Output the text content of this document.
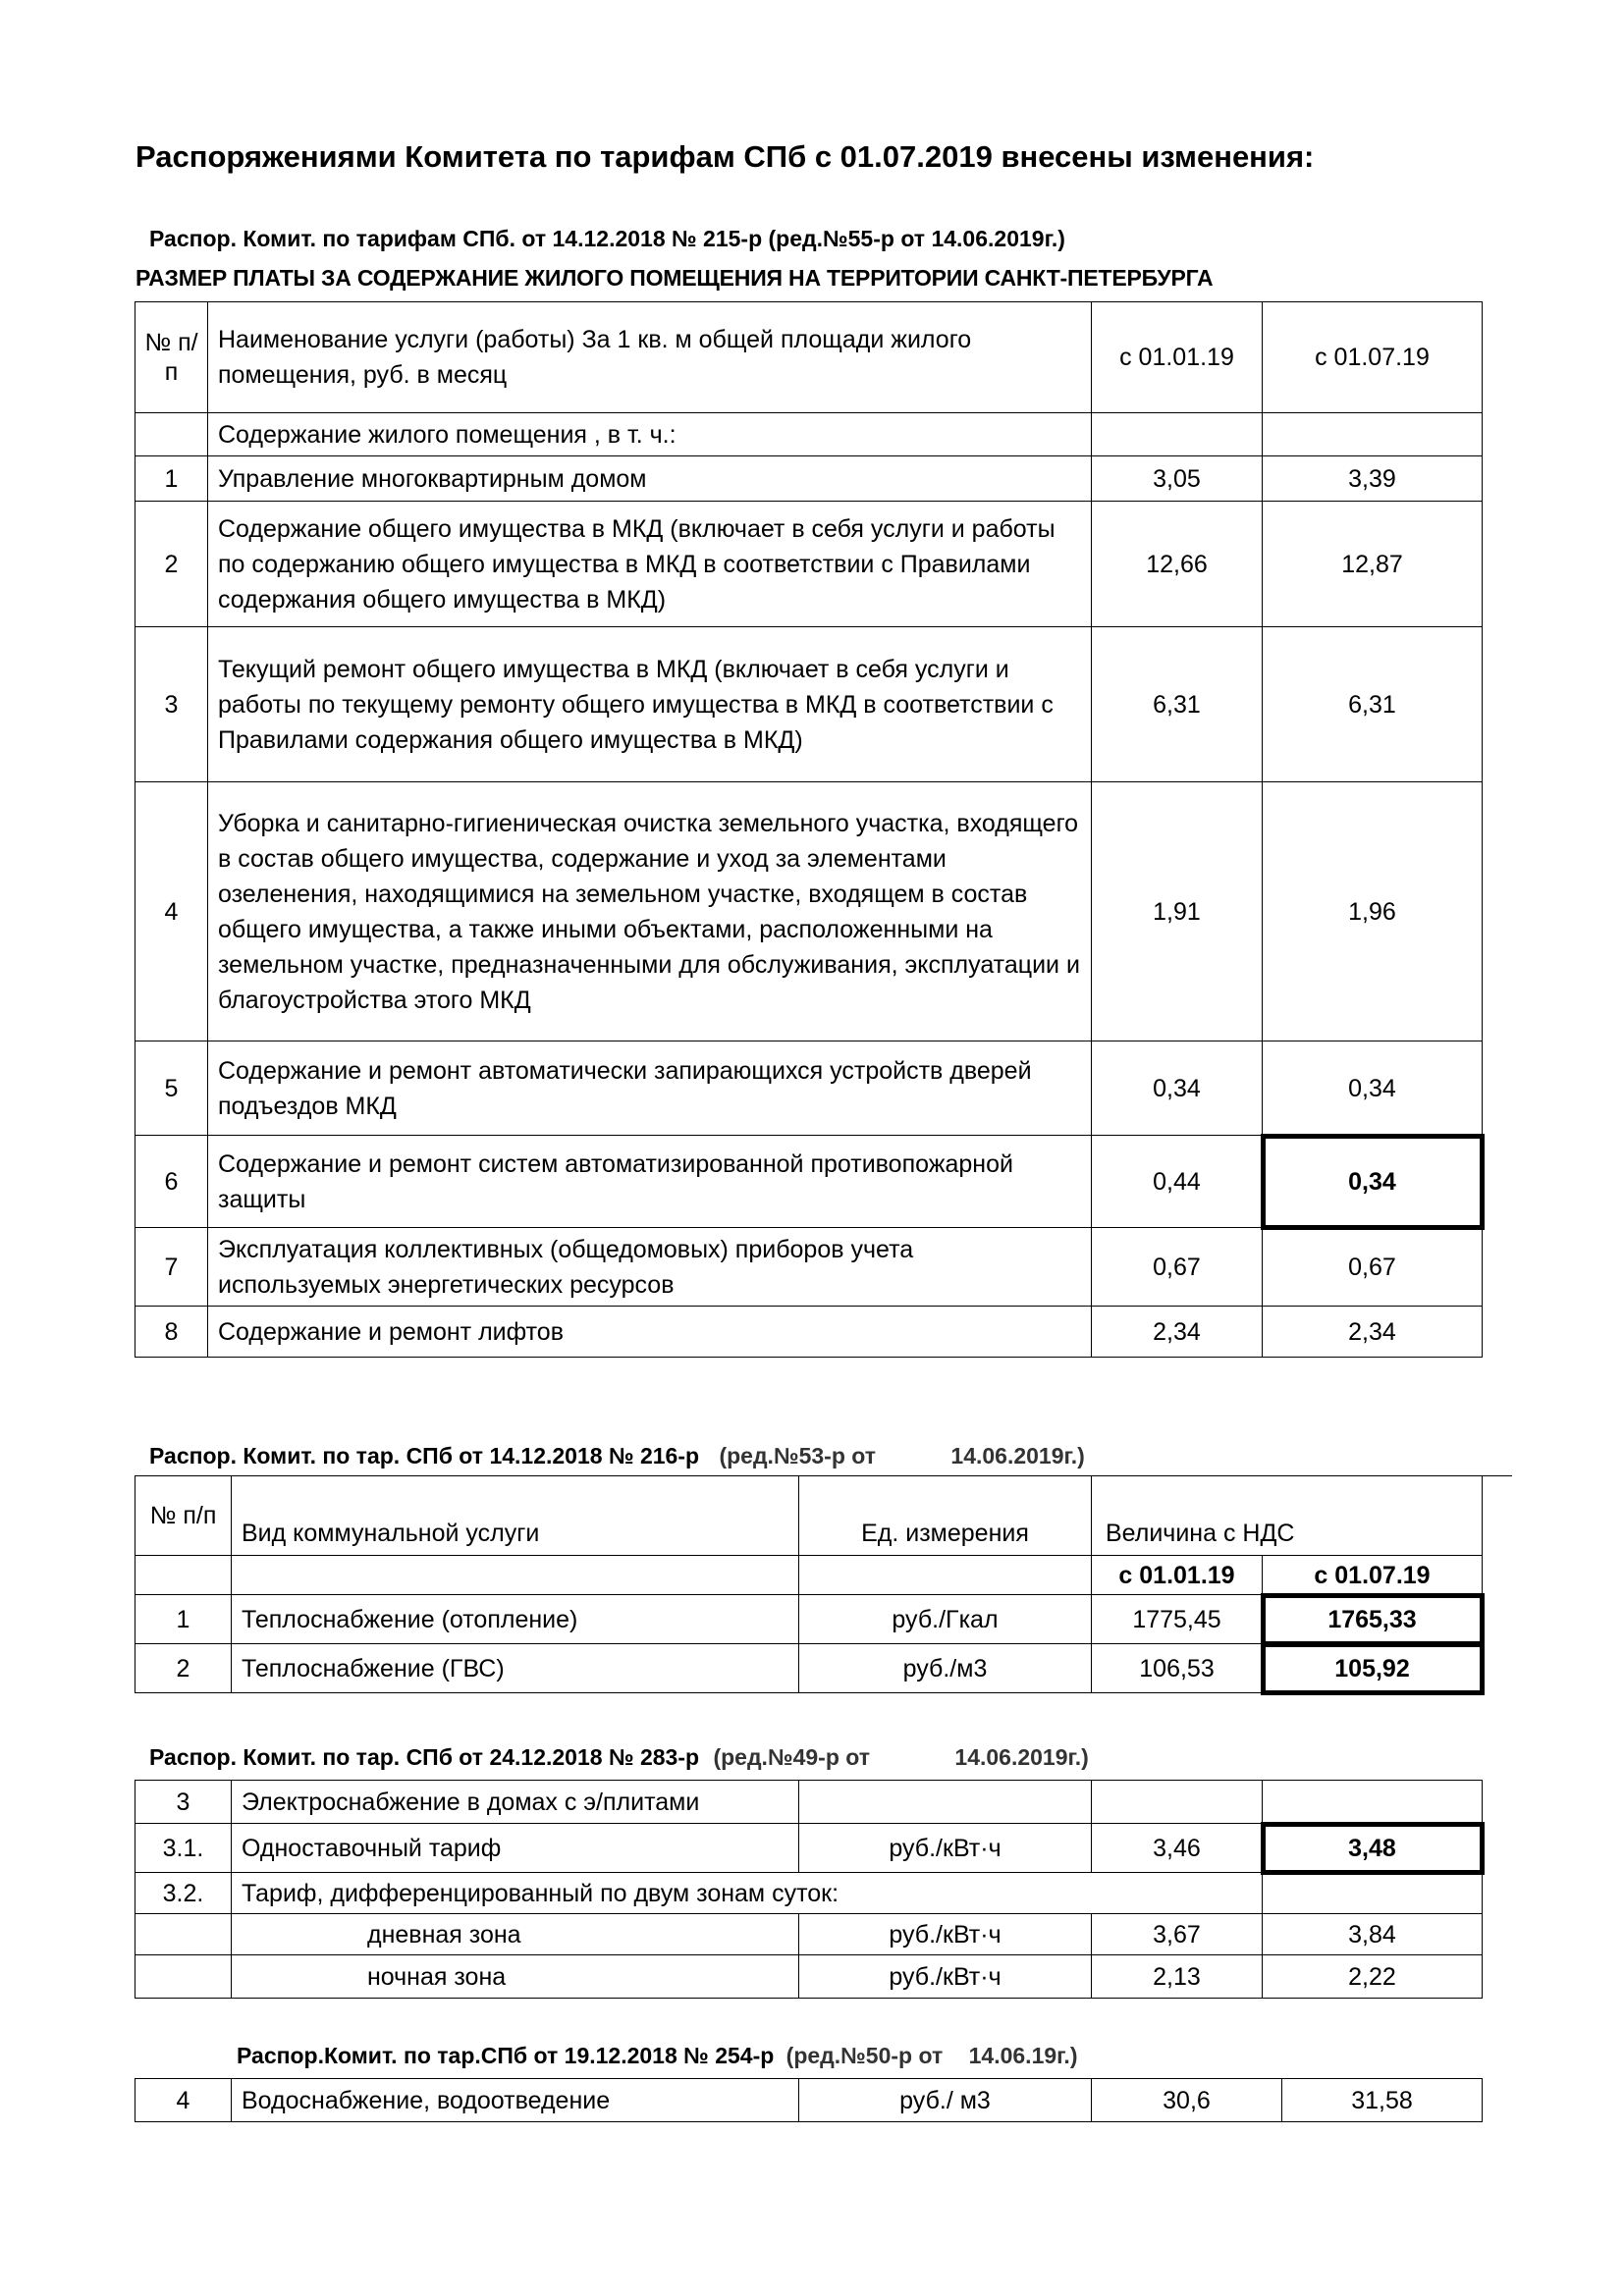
Распоряжениями Комитета по тарифам СПб с 01.07.2019 внесены изменения:
Распор. Комит. по тарифам СПб. от 14.12.2018 № 215-р (ред.№55-р от 14.06.2019г.)
РАЗМЕР ПЛАТЫ ЗА СОДЕРЖАНИЕ ЖИЛОГО ПОМЕЩЕНИЯ НА ТЕРРИТОРИИ САНКТ-ПЕТЕРБУРГА
№ п/ п	Наименование услуги (работы) За 1 кв. м общей площади жилого помещения, руб. в месяц	с 01.01.19	с 01.07.19
	Содержание жилого помещения , в т. ч.:		
1	Управление многоквартирным домом	3,05	3,39
2	Содержание общего имущества в МКД (включает в себя услуги и работы по содержанию общего имущества в МКД в соответствии с Правилами содержания общего имущества в МКД)	12,66	12,87
3	Текущий ремонт общего имущества в МКД (включает в себя услуги и работы по текущему ремонту общего имущества в МКД в соответствии с Правилами содержания общего имущества в МКД)	6,31	6,31
4	Уборка и санитарно-гигиеническая очистка земельного участка, входящего в состав общего имущества, содержание и уход за элементами озеленения, находящимися на земельном участке, входящем в состав общего имущества, а также иными объектами, расположенными на земельном участке, предназначенными для обслуживания, эксплуатации и благоустройства этого МКД	1,91	1,96
5	Содержание и ремонт автоматически запирающихся устройств дверей подъездов МКД	0,34	0,34
6	Содержание и ремонт систем автоматизированной противопожарной защиты	0,44	0,34
7	Эксплуатация коллективных (общедомовых) приборов учета используемых энергетических ресурсов	0,67	0,67
8	Содержание и ремонт лифтов	2,34	2,34
Распор. Комит. по тар. СПб от 14.12.2018 № 216-р (ред.№53-р от	14.06.2019г.)
№ п/п	Вид коммунальной услуги	Ед. измерения	Величина с НДС	
			с 01.01.19	с 01.07.19
1	Теплоснабжение (отопление)	руб./Гкал	1775,45	1765,33
2	Теплоснабжение (ГВС)	руб./м3	106,53	105,92
Распор. Комит. по тар. СПб от 24.12.2018 № 283-р (ред.№49-р от	14.06.2019г.)
3	Электроснабжение в домах с э/плитами			
3.1.	Одноставочный тариф	руб./кВт·ч	3,46	3,48
3.2.	Тариф, дифференцированный по двум зонам суток:			
	дневная зона	руб./кВт·ч	3,67	3,84
	ночная зона	руб./кВт·ч	2,13	2,22
Распор.Комит. по тар.СПб от 19.12.2018 № 254-р (ред.№50-р от 14.06.19г.)
4	Водоснабжение, водоотведение	руб./ м3	30,6	31,58
